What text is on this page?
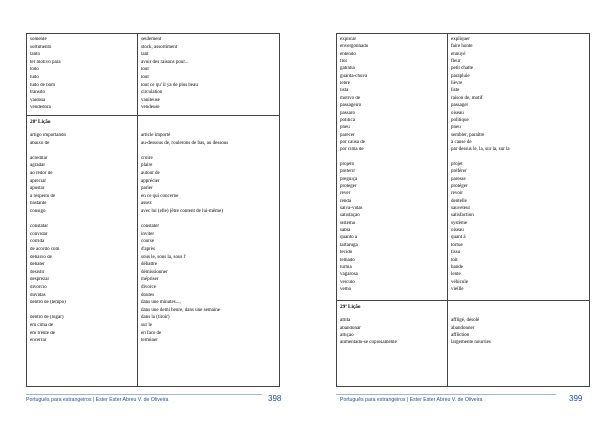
somente	seulement
sortimento	stock, assortiment
tanto	tant
ter motivo para	avoir des raisons pour...
todo	tout
tudo	tout
tudo de bom	tout ce qu' il ya de plus beau
trânsito	circulation
vaidosa	vaniteuse
vendedora	vendeuse
28ª Lição
artigo importando	article importé
abaixo de	au-dessous de, roulerons de bas, au dessous
acreditar	croire
agradar	plaire
ao redor de	autour de
apreciar	apprécier
apostar	parier
a respeito de	en ce qui concerne
bastante	assez
consigo	avec lui (elle) (être content de lui-même)
constatar	constater
convidar	inviter
corrida	course
de acordo com	d'après
debaixo de	sous le, sous la, sous l'
debater	débattre
desistir	démissionner
desprezar	mépriser
divórcio	divorce
dúvidas	doutes
dentro de (tempo)	dans une minutes...,
dans une demi heure, dans une semaine
dentro de (lugar)	dans la (tiroir)
em cima de	sur le
em frente de	en face de
encerrar	terminer
Português para estrangeiros | Ester Ester Abreu V. de Oliveira	398
explicar	expliquer
envergonhado	faire honte
entendo	ennuyé
flor	fleur
gatinha	petit chatte
guarda-chuva	parapluie
lebre	lièvre
lista	liste
motivo de	raison de, motif
passageiro	passager
pássaro	oiseau
política	politique
pneu	pneu
parecer	sembler, paraître
por causa de	à cause de
por cima de	par dessus le, la, sur la, sur la
projeto	projet
preferir	préférer
preguiça	paresse
proteger	protéger
rever	revoir
renda	dentelle
salva-vidas	sauveteur
satisfação	satisfaction
sistema	système
sabiá	oiseau
quanto à	quant à
tartaruga	tortue
tecido	tissu
telhado	toit
turma	bande
vagarosa	lente
veículo	véhicule
velho	vieille
29ª Lição
aflita	affligé, désolé
abandonar	abandonner
aflição	affliction
alimentado-se copiosamente	largemente nourries
Português para estrangeiros | Ester Ester Abreu V. de Oliveira	399
